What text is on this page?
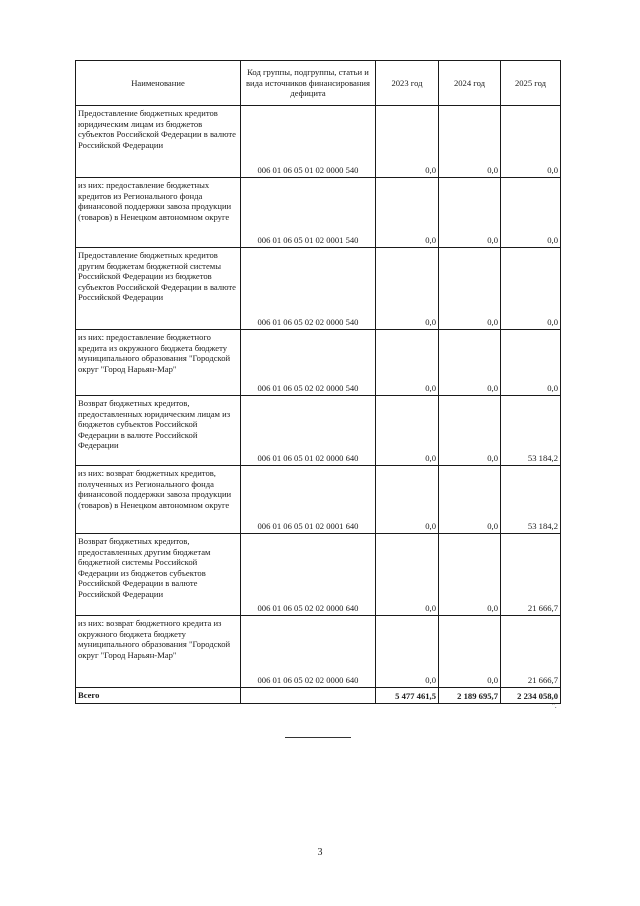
Наименование	Код группы, подгруппы, статьи и вида источников финансирования дефицита	2023 год	2024 год	2025 год
Предоставление бюджетных кредитов юридическим лицам из бюджетов субъектов Российской Федерации в валюте Российской Федерации	006 01 06 05 01 02 0000 540	0,0	0,0	0,0
из них: предоставление бюджетных кредитов из Регионального фонда финансовой поддержки завоза продукции (товаров) в Ненецком автономном округе	006 01 06 05 01 02 0001 540	0,0	0,0	0,0
Предоставление бюджетных кредитов другим бюджетам бюджетной системы Российской Федерации из бюджетов субъектов Российской Федерации в валюте Российской Федерации	006 01 06 05 02 02 0000 540	0,0	0,0	0,0
из них: предоставление бюджетного кредита из окружного бюджета бюджету муниципального образования "Городской округ "Город Нарьян-Мар"	006 01 06 05 02 02 0000 540	0,0	0,0	0,0
Возврат бюджетных кредитов, предоставленных юридическим лицам из бюджетов субъектов Российской Федерации в валюте Российской Федерации	006 01 06 05 01 02 0000 640	0,0	0,0	53 184,2
из них: возврат бюджетных кредитов, полученных из Регионального фонда финансовой поддержки завоза продукции (товаров) в Ненецком автономном округе	006 01 06 05 01 02 0001 640	0,0	0,0	53 184,2
Возврат бюджетных кредитов, предоставленных другим бюджетам бюджетной системы Российской Федерации из бюджетов субъектов Российской Федерации в валюте Российской Федерации	006 01 06 05 02 02 0000 640	0,0	0,0	21 666,7
из них: возврат бюджетного кредита из окружного бюджета бюджету муниципального образования "Городской округ "Город Нарьян-Мар"	006 01 06 05 02 02 0000 640	0,0	0,0	21 666,7
Всего		5 477 461,5	2 189 695,7	2 234 058,0
".
3
